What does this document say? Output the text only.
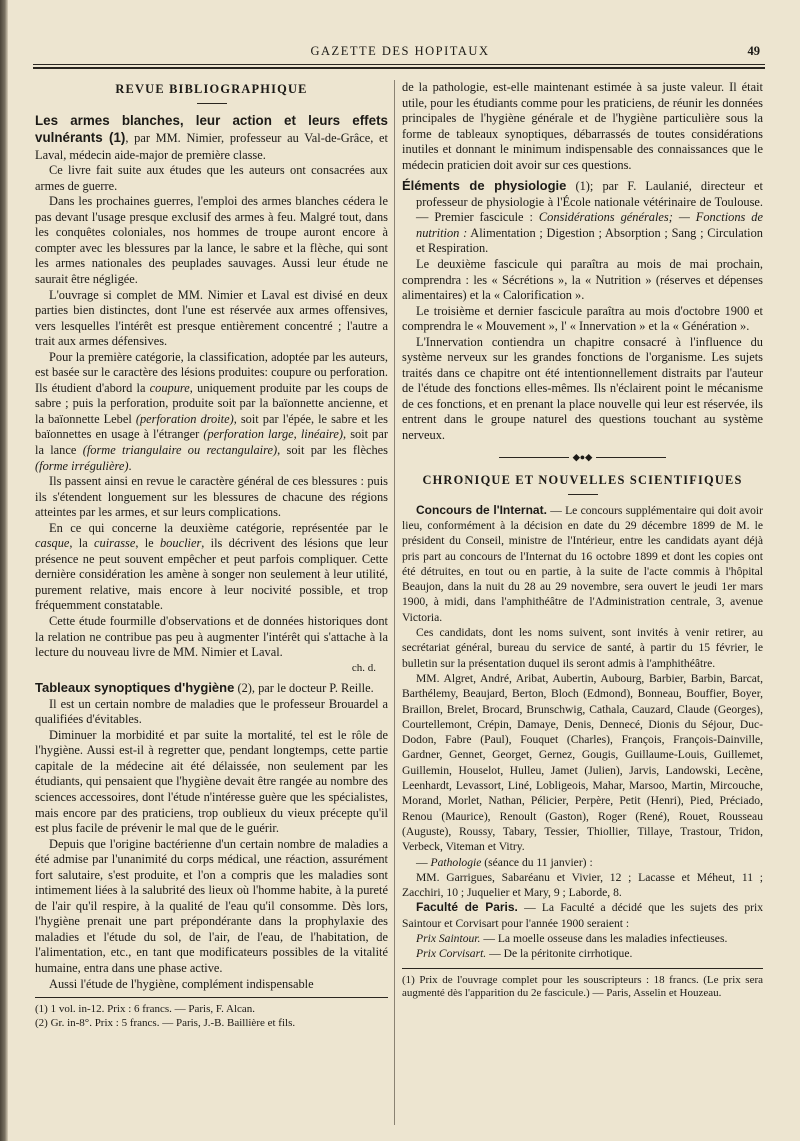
GAZETTE DES HOPITAUX	49
REVUE BIBLIOGRAPHIQUE

Les armes blanches, leur action et leurs effets vulnérants (1), par MM. Nimier, professeur au Val-de-Grâce, et Laval, médecin aide-major de première classe.

Ce livre fait suite aux études que les auteurs ont consacrées aux armes de guerre.

Dans les prochaines guerres, l'emploi des armes blanches cédera le pas devant l'usage presque exclusif des armes à feu. Malgré tout, dans les conquêtes coloniales, nos hommes de troupe auront encore à compter avec les blessures par la lance, le sabre et la flèche, qui sont les armes nationales des peuplades sauvages. Aussi leur étude ne saurait être négligée.

L'ouvrage si complet de MM. Nimier et Laval est divisé en deux parties bien distinctes, dont l'une est réservée aux armes offensives, vers lesquelles l'intérêt est presque entièrement concentré ; l'autre a trait aux armes défensives.

Pour la première catégorie, la classification, adoptée par les auteurs, est basée sur le caractère des lésions produites: coupure ou perforation. Ils étudient d'abord la coupure, uniquement produite par les coups de sabre ; puis la perforation, produite soit par la baïonnette ancienne, et la baïonnette Lebel (perforation droite), soit par l'épée, le sabre et les baïonnettes en usage à l'étranger (perforation large, linéaire), soit par la lance (forme triangulaire ou rectangulaire), soit par les flèches (forme irrégulière).

Ils passent ainsi en revue le caractère général de ces blessures : puis ils s'étendent longuement sur les blessures de chacune des régions atteintes par les armes, et sur leurs complications.

En ce qui concerne la deuxième catégorie, représentée par le casque, la cuirasse, le bouclier, ils décrivent des lésions que leur présence ne peut souvent empêcher et peut parfois compliquer. Cette dernière considération les amène à songer non seulement à leur utilité, purement relative, mais encore à leur nocivité possible, et trop fréquemment constatable.

Cette étude fourmille d'observations et de données historiques dont la relation ne contribue pas peu à augmenter l'intérêt qui s'attache à la lecture du nouveau livre de MM. Nimier et Laval.

ch. d.

Tableaux synoptiques d'hygiène (2), par le docteur P. Reille.

Il est un certain nombre de maladies que le professeur Brouardel a qualifiées d'évitables.

Diminuer la morbidité et par suite la mortalité, tel est le rôle de l'hygiène. Aussi est-il à regretter que, pendant longtemps, cette partie capitale de la médecine ait été délaissée, non seulement par les étudiants, qui pensaient que l'hygiène devait être rangée au nombre des sciences accessoires, dont l'étude n'intéresse guère que les spécialistes, mais encore par des praticiens, trop oublieux du vieux précepte qu'il est plus facile de prévenir le mal que de le guérir.

Depuis que l'origine bactérienne d'un certain nombre de maladies a été admise par l'unanimité du corps médical, une réaction, assurément fort salutaire, s'est produite, et l'on a compris que les maladies sont intimement liées à la salubrité des lieux où l'homme habite, à la pureté de l'air qu'il respire, à la qualité de l'eau qu'il consomme. Dès lors, l'hygiène prenait une part prépondérante dans la prophylaxie des maladies et l'étude du sol, de l'air, de l'eau, de l'habitation, de l'alimentation, etc., en tant que modificateurs possibles de la vitalité humaine, entra dans une phase active.

Aussi l'étude de l'hygiène, complément indispensable

(1) 1 vol. in-12. Prix : 6 francs. — Paris, F. Alcan.

(2) Gr. in-8°. Prix : 5 francs. — Paris, J.-B. Baillière et fils.

de la pathologie, est-elle maintenant estimée à sa juste valeur. Il était utile, pour les étudiants comme pour les praticiens, de réunir les données principales de l'hygiène générale et de l'hygiène particulière sous la forme de tableaux synoptiques, débarrassés de toutes considérations inutiles et donnant le minimum indispensable des connaissances que le médecin praticien doit avoir sur ces questions.

Éléments de physiologie (1); par F. Laulanié, directeur et professeur de physiologie à l'École nationale vétérinaire de Toulouse. — Premier fascicule : Considérations générales; — Fonctions de nutrition : Alimentation ; Digestion ; Absorption ; Sang ; Circulation et Respiration.

Le deuxième fascicule qui paraîtra au mois de mai prochain, comprendra : les « Sécrétions », la « Nutrition » (réserves et dépenses alimentaires) et la « Calorification ».

Le troisième et dernier fascicule paraîtra au mois d'octobre 1900 et comprendra le « Mouvement », l' « Innervation » et la « Génération ».

L'Innervation contiendra un chapitre consacré à l'influence du système nerveux sur les grandes fonctions de l'organisme. Les sujets traités dans ce chapitre ont été intentionnellement distraits par l'auteur de l'étude des fonctions elles-mêmes. Ils n'éclairent point le mécanisme de ces fonctions, et en prenant la place nouvelle qui leur est réservée, ils entrent dans le groupe naturel des questions touchant au système nerveux.

◆●◆
CHRONIQUE ET NOUVELLES SCIENTIFIQUES

Concours de l'Internat. — Le concours supplémentaire qui doit avoir lieu, conformément à la décision en date du 29 décembre 1899 de M. le président du Conseil, ministre de l'Intérieur, entre les candidats ayant déjà pris part au concours de l'Internat du 16 octobre 1899 et dont les copies ont été détruites, en tout ou en partie, à la suite de l'acte commis à l'hôpital Beaujon, dans la nuit du 28 au 29 novembre, sera ouvert le jeudi 1er mars 1900, à midi, dans l'amphithéâtre de l'Administration centrale, 3, avenue Victoria.

Ces candidats, dont les noms suivent, sont invités à venir retirer, au secrétariat général, bureau du service de santé, à partir du 15 février, le bulletin sur la présentation duquel ils seront admis à l'amphithéâtre.

MM. Algret, André, Aribat, Aubertin, Aubourg, Barbier, Barbin, Barcat, Barthélemy, Beaujard, Berton, Bloch (Edmond), Bonneau, Bouffier, Boyer, Braillon, Brelet, Brocard, Brunschwig, Cathala, Cauzard, Claude (Georges), Courtellemont, Crépin, Damaye, Denis, Dennecé, Dionis du Séjour, Duc-Dodon, Fabre (Paul), Fouquet (Charles), François, François-Dainville, Gardner, Gennet, Georget, Gernez, Gougis, Guillaume-Louis, Guillemet, Guillemin, Houselot, Hulleu, Jamet (Julien), Jarvis, Landowski, Lecène, Leenhardt, Levassort, Liné, Lobligeois, Mahar, Marsoo, Martin, Mircouche, Morand, Morlet, Nathan, Pélicier, Perpère, Petit (Henri), Pied, Préciado, Renou (Maurice), Renoult (Gaston), Roger (René), Rouet, Rousseau (Auguste), Roussy, Tabary, Tessier, Thiollier, Tillaye, Trastour, Tridon, Verbeck, Viteman et Vitry.

— Pathologie (séance du 11 janvier) :

MM. Garrigues, Sabaréanu et Vivier, 12 ; Lacasse et Méheut, 11 ; Zacchiri, 10 ; Juquelier et Mary, 9 ; Laborde, 8.

Faculté de Paris. — La Faculté a décidé que les sujets des prix Saintour et Corvisart pour l'année 1900 seraient :

Prix Saintour. — La moelle osseuse dans les maladies infectieuses.

Prix Corvisart. — De la péritonite cirrhotique.

(1) Prix de l'ouvrage complet pour les souscripteurs : 18 francs. (Le prix sera augmenté dès l'apparition du 2e fascicule.) — Paris, Asselin et Houzeau.
